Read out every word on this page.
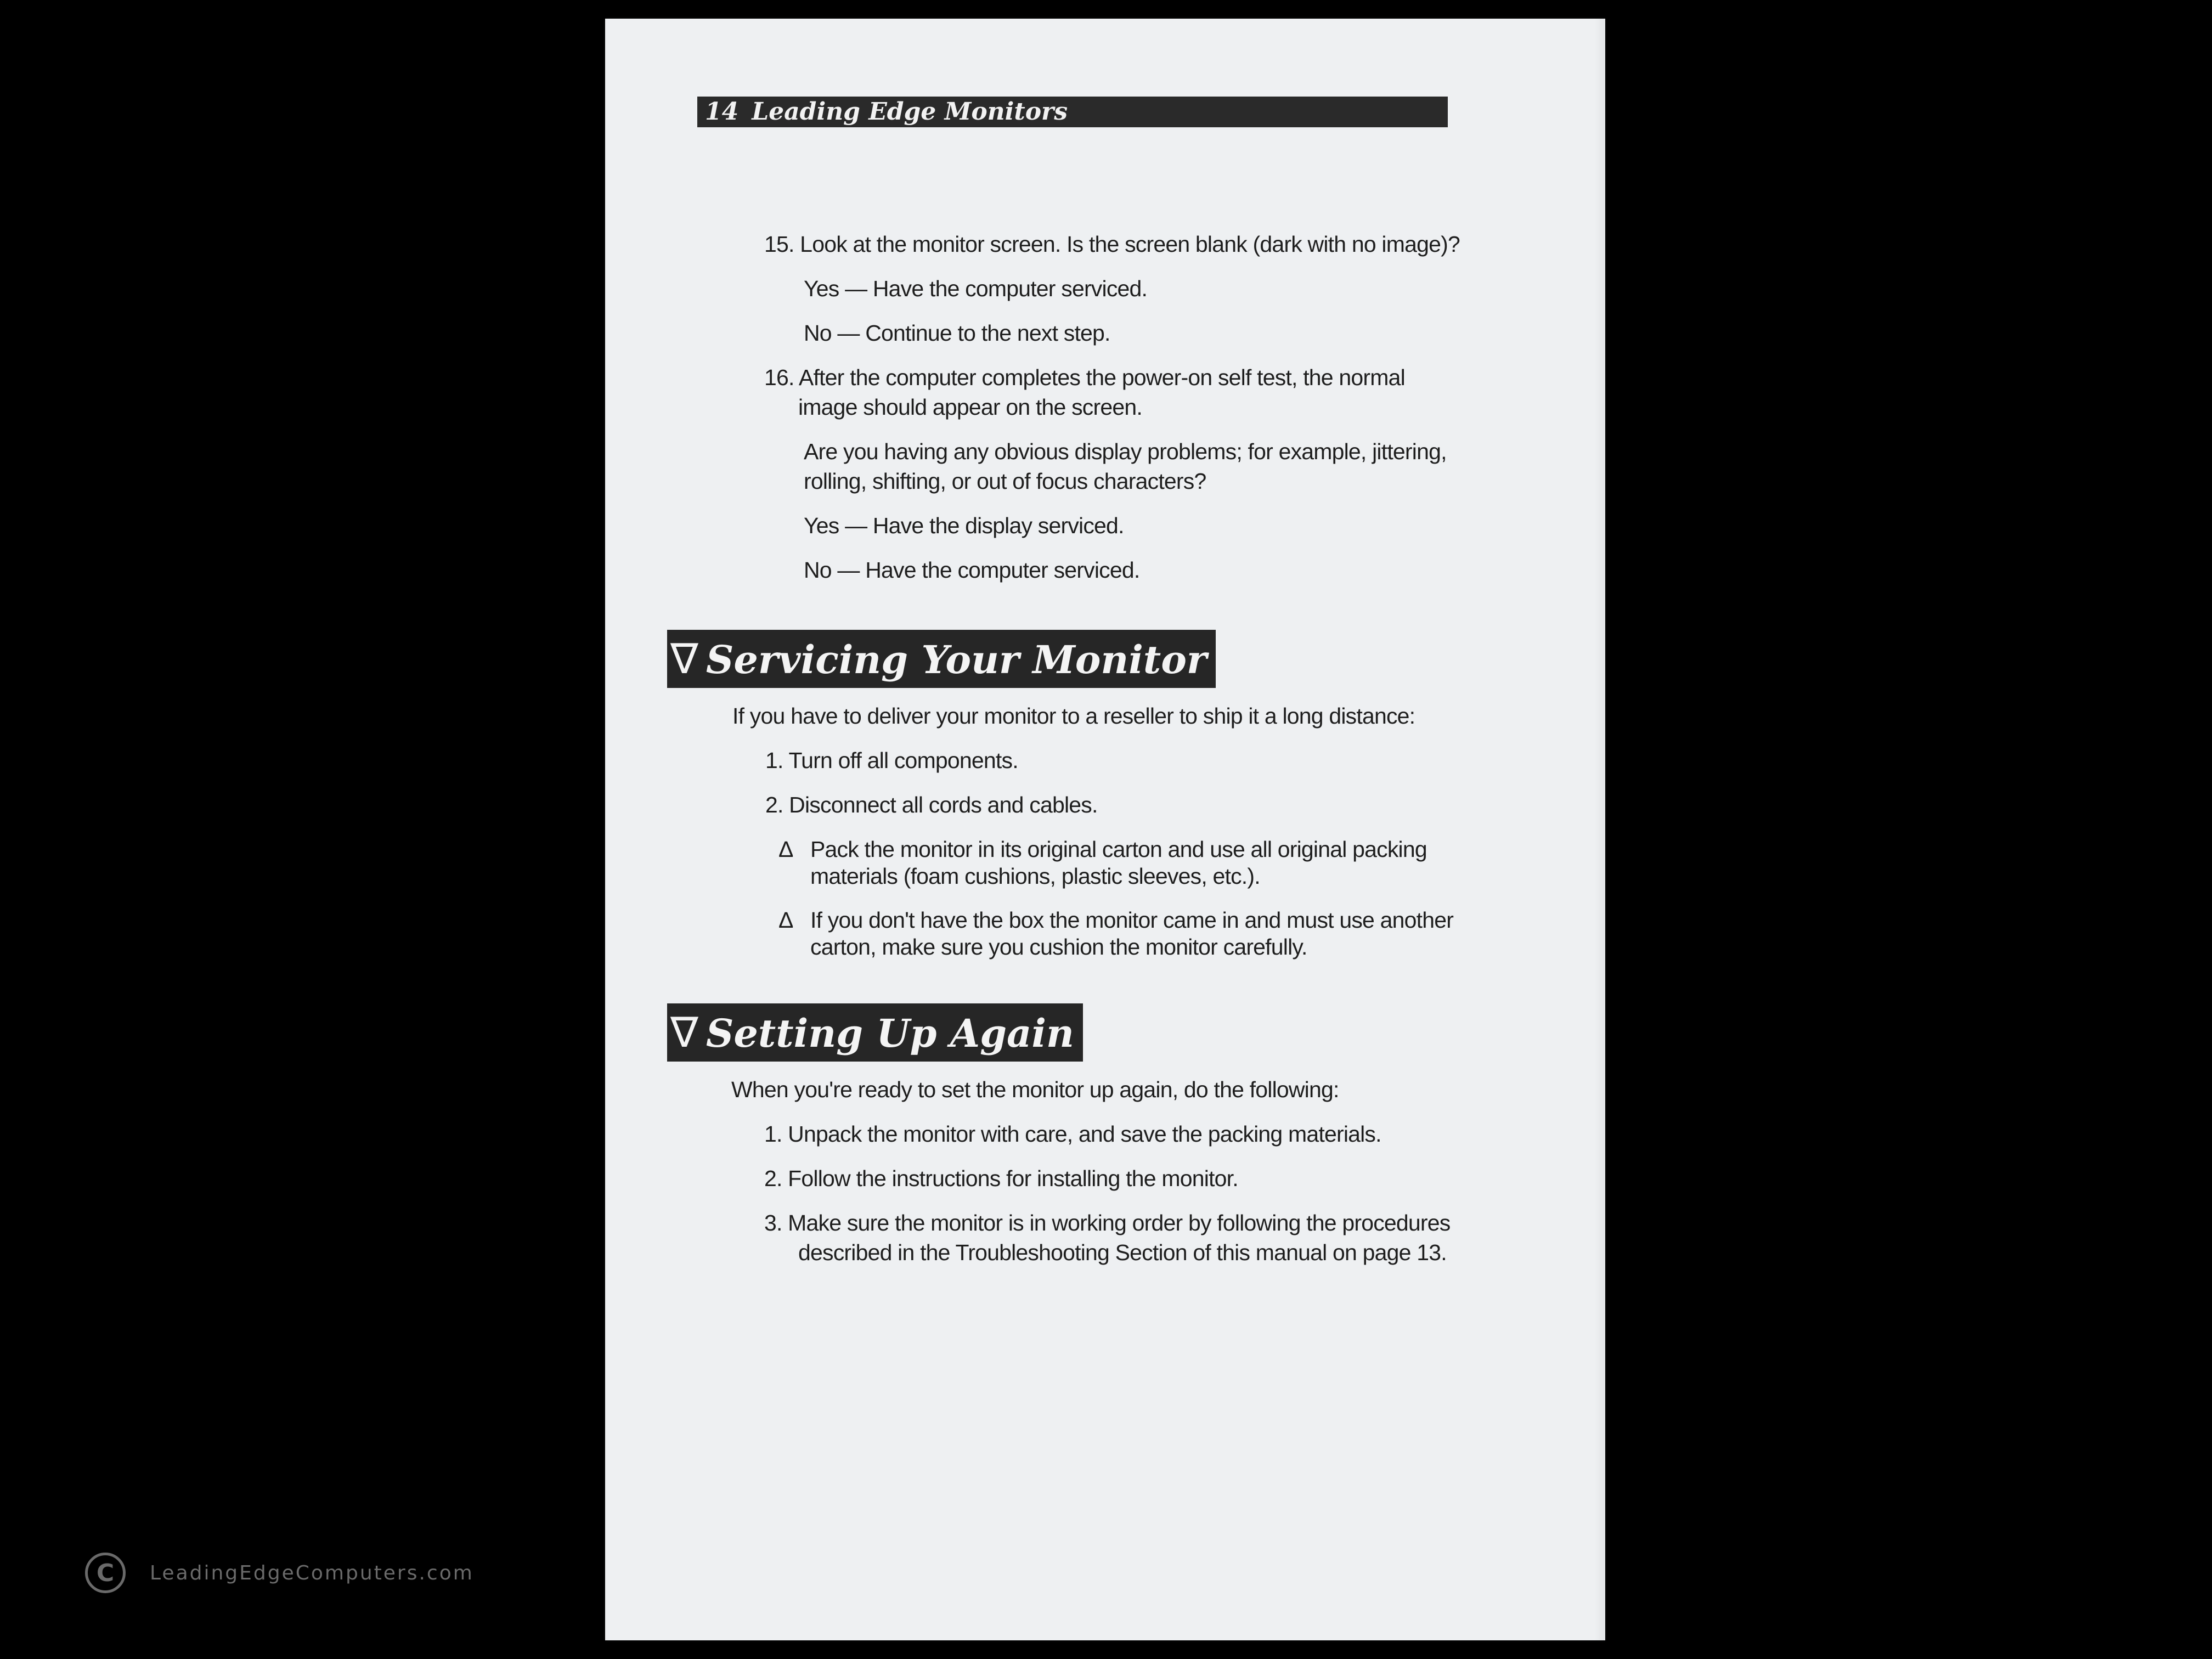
14 Leading Edge Monitors
15. Look at the monitor screen. Is the screen blank (dark with no image)?
Yes — Have the computer serviced.
No — Continue to the next step.
16. After the computer completes the power-on self test, the normal
image should appear on the screen.
Are you having any obvious display problems; for example, jittering,
rolling, shifting, or out of focus characters?
Yes — Have the display serviced.
No — Have the computer serviced.
∇ Servicing Your Monitor
If you have to deliver your monitor to a reseller to ship it a long distance:
1. Turn off all components.
2. Disconnect all cords and cables.
Δ Pack the monitor in its original carton and use all original packing
materials (foam cushions, plastic sleeves, etc.).
Δ If you don't have the box the monitor came in and must use another
carton, make sure you cushion the monitor carefully.
∇ Setting Up Again
When you're ready to set the monitor up again, do the following:
1. Unpack the monitor with care, and save the packing materials.
2. Follow the instructions for installing the monitor.
3. Make sure the monitor is in working order by following the procedures
described in the Troubleshooting Section of this manual on page 13.
C	LeadingEdgeComputers.com
